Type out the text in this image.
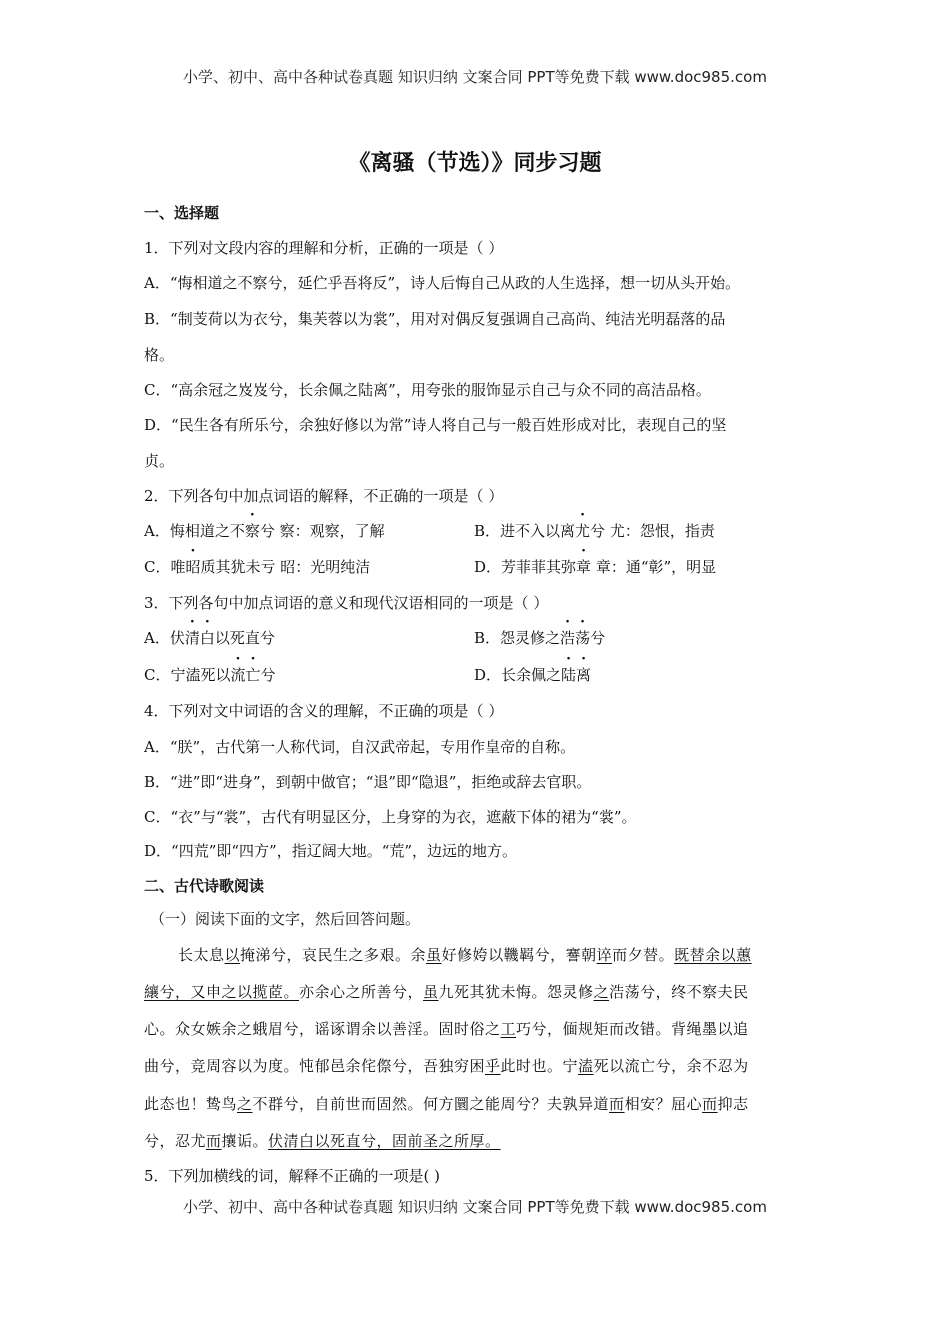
小学、初中、高中各种试卷真题 知识归纳 文案合同 PPT等免费下载 www.doc985.com
《离骚（节选）》同步习题
一、选择题
1．下列对文段内容的理解和分析，正确的一项是（ ）
A．“悔相道之不察兮，延伫乎吾将反”，诗人后悔自己从政的人生选择，想一切从头开始。
B．“制芰荷以为衣兮，集芙蓉以为裳”，用对对偶反复强调自己高尚、纯洁光明磊落的品
格。
C．“高余冠之岌岌兮，长余佩之陆离”，用夸张的服饰显示自己与众不同的高洁品格。
D．“民生各有所乐兮，余独好修以为常”诗人将自己与一般百姓形成对比，表现自己的坚
贞。
2．下列各句中加点词语的解释，不正确的一项是（ ）
A．悔相道之不察兮 察：观察，了解	B．进不入以离尤兮 尤：怨恨，指责
C．唯昭质其犹未亏 昭：光明纯洁	D．芳菲菲其弥章 章：通“彰”，明显
3．下列各句中加点词语的意义和现代汉语相同的一项是（ ）
A．伏清白以死直兮	B．怨灵修之浩荡兮
C．宁溘死以流亡兮	D．长余佩之陆离
4．下列对文中词语的含义的理解，不正确的项是（ ）
A．“朕”，古代第一人称代词，自汉武帝起，专用作皇帝的自称。
B．“进”即“进身”，到朝中做官；“退”即“隐退”，拒绝或辞去官职。
C．“衣”与“裳”，古代有明显区分，上身穿的为衣，遮蔽下体的裙为“裳”。
D．“四荒”即“四方”，指辽阔大地。“荒”，边远的地方。
二、古代诗歌阅读
（一）阅读下面的文字，然后回答问题。
长太息以掩涕兮，哀民生之多艰。余虽好修姱以鞿羁兮，謇朝谇而夕替。既替余以蕙
纕兮，又申之以揽茝。亦余心之所善兮，虽九死其犹未悔。怨灵修之浩荡兮，终不察夫民
心。众女嫉余之蛾眉兮，谣诼谓余以善淫。固时俗之工巧兮，偭规矩而改错。背绳墨以追
曲兮，竞周容以为度。忳郁邑余侘傺兮，吾独穷困乎此时也。宁溘死以流亡兮，余不忍为
此态也！鸷鸟之不群兮，自前世而固然。何方圜之能周兮？夫孰异道而相安？屈心而抑志
兮，忍尤而攘诟。伏清白以死直兮，固前圣之所厚。
5．下列加横线的词，解释不正确的一项是( )
小学、初中、高中各种试卷真题 知识归纳 文案合同 PPT等免费下载 www.doc985.com
